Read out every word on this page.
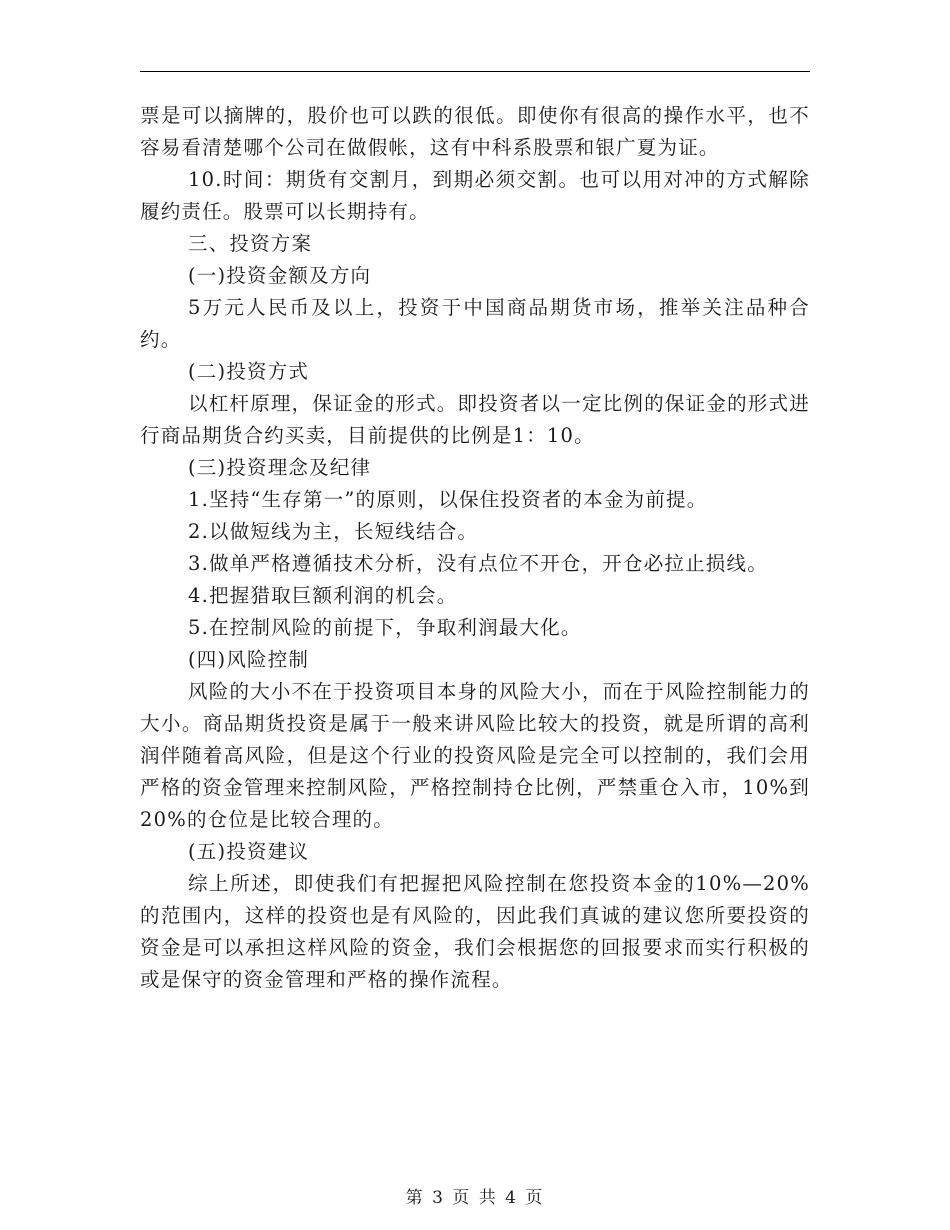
票是可以摘牌的，股价也可以跌的很低。即使你有很高的操作水平，也不容易看清楚哪个公司在做假帐，这有中科系股票和银广夏为证。

10.时间：期货有交割月，到期必须交割。也可以用对冲的方式解除履约责任。股票可以长期持有。

三、投资方案

(一)投资金额及方向

5万元人民币及以上，投资于中国商品期货市场，推举关注品种合约。

(二)投资方式

以杠杆原理，保证金的形式。即投资者以一定比例的保证金的形式进行商品期货合约买卖，目前提供的比例是1：10。

(三)投资理念及纪律

1.坚持“生存第一”的原则，以保住投资者的本金为前提。

2.以做短线为主，长短线结合。

3.做单严格遵循技术分析，没有点位不开仓，开仓必拉止损线。

4.把握猎取巨额利润的机会。

5.在控制风险的前提下，争取利润最大化。

(四)风险控制

风险的大小不在于投资项目本身的风险大小，而在于风险控制能力的大小。商品期货投资是属于一般来讲风险比较大的投资，就是所谓的高利润伴随着高风险，但是这个行业的投资风险是完全可以控制的，我们会用严格的资金管理来控制风险，严格控制持仓比例，严禁重仓入市，10%到20%的仓位是比较合理的。

(五)投资建议

综上所述，即使我们有把握把风险控制在您投资本金的10%—20%的范围内，这样的投资也是有风险的，因此我们真诚的建议您所要投资的资金是可以承担这样风险的资金，我们会根据您的回报要求而实行积极的或是保守的资金管理和严格的操作流程。

第 3 页 共 4 页
